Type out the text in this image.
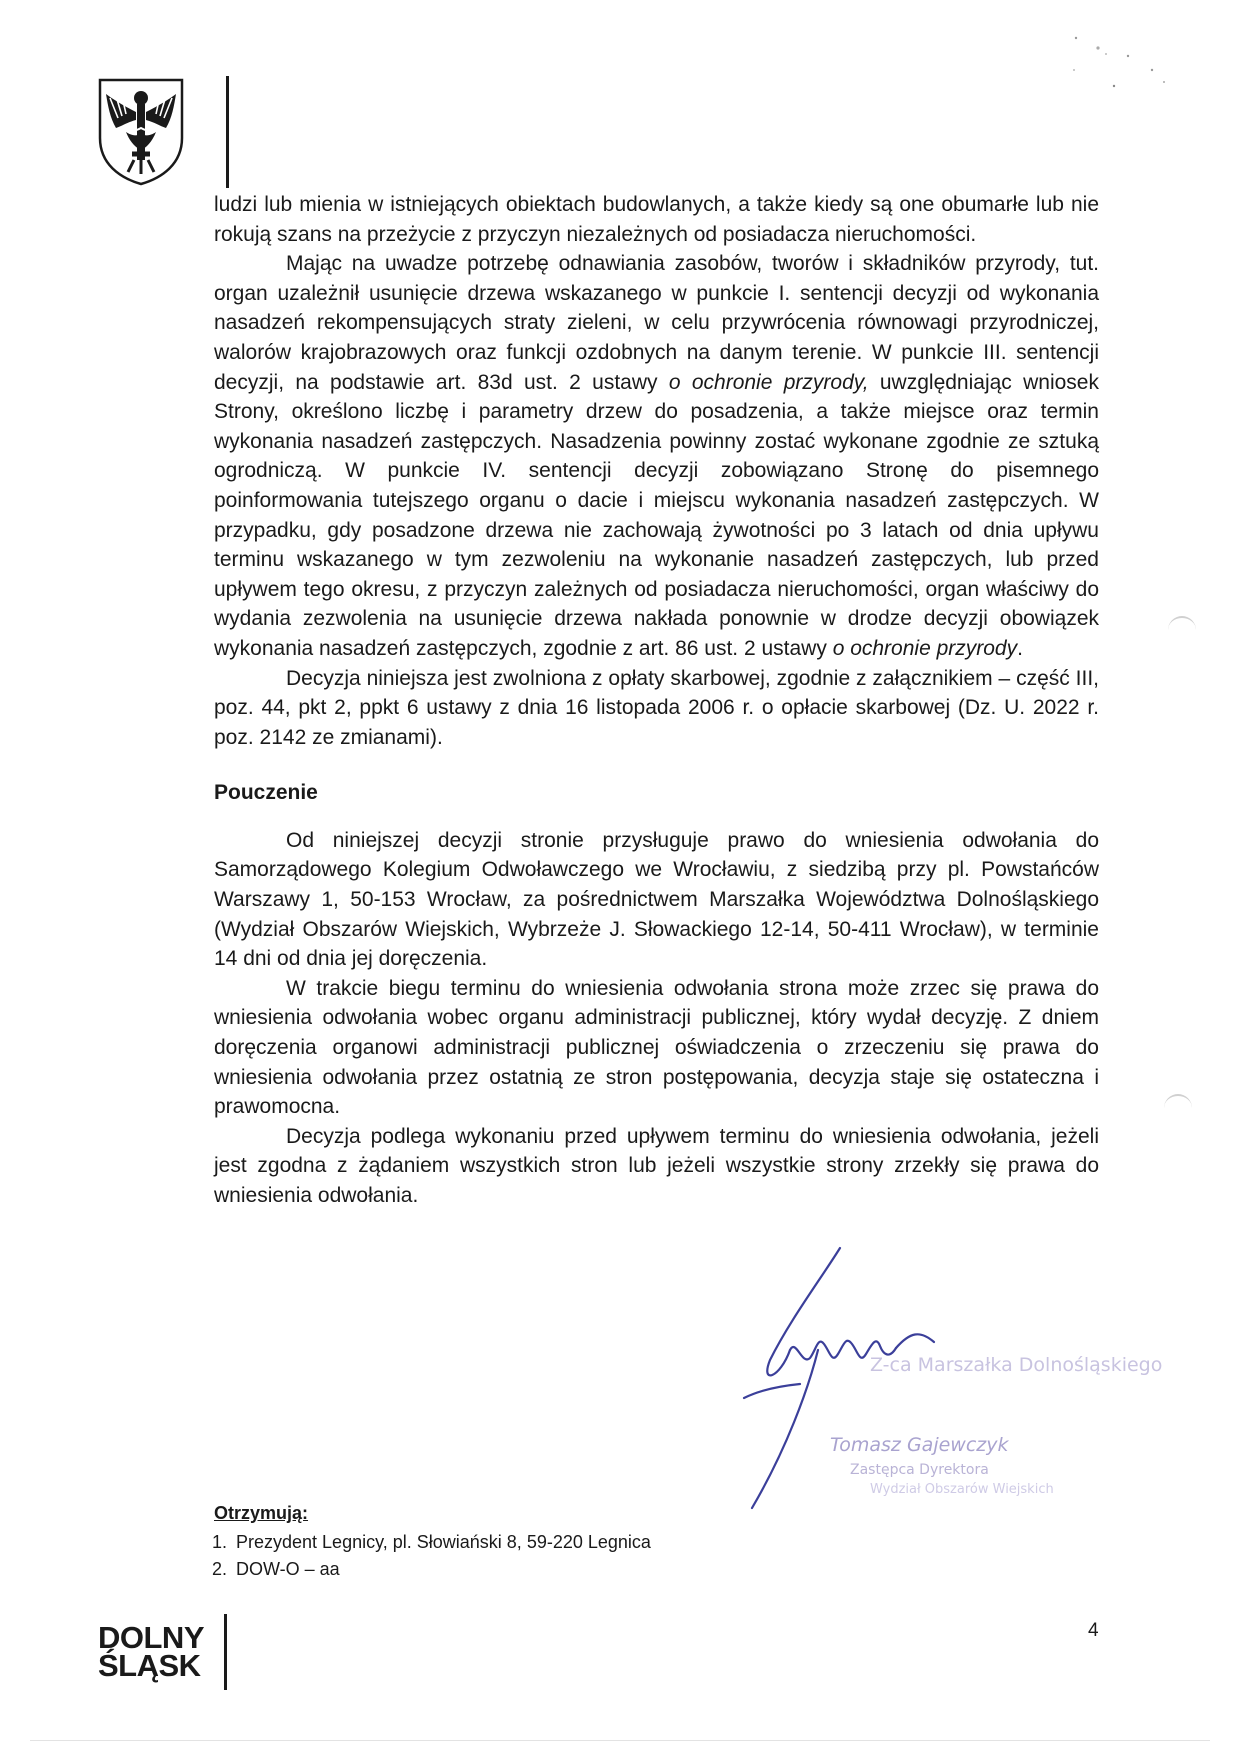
ludzi lub mienia w istniejących obiektach budowlanych, a także kiedy są one obumarłe lub nie rokują szans na przeżycie z przyczyn niezależnych od posiadacza nieruchomości.

Mając na uwadze potrzebę odnawiania zasobów, tworów i składników przyrody, tut. organ uzależnił usunięcie drzewa wskazanego w punkcie I. sentencji decyzji od wykonania nasadzeń rekompensujących straty zieleni, w celu przywrócenia równowagi przyrodniczej, walorów krajobrazowych oraz funkcji ozdobnych na danym terenie. W punkcie III. sentencji decyzji, na podstawie art. 83d ust. 2 ustawy o ochronie przyrody, uwzględniając wniosek Strony, określono liczbę i parametry drzew do posadzenia, a także miejsce oraz termin wykonania nasadzeń zastępczych. Nasadzenia powinny zostać wykonane zgodnie ze sztuką ogrodniczą. W punkcie IV. sentencji decyzji zobowiązano Stronę do pisemnego poinformowania tutejszego organu o dacie i miejscu wykonania nasadzeń zastępczych. W przypadku, gdy posadzone drzewa nie zachowają żywotności po 3 latach od dnia upływu terminu wskazanego w tym zezwoleniu na wykonanie nasadzeń zastępczych, lub przed upływem tego okresu, z przyczyn zależnych od posiadacza nieruchomości, organ właściwy do wydania zezwolenia na usunięcie drzewa nakłada ponownie w drodze decyzji obowiązek wykonania nasadzeń zastępczych, zgodnie z art. 86 ust. 2 ustawy o ochronie przyrody.

Decyzja niniejsza jest zwolniona z opłaty skarbowej, zgodnie z załącznikiem – część III, poz. 44, pkt 2, ppkt 6 ustawy z dnia 16 listopada 2006 r. o opłacie skarbowej (Dz. U. 2022 r. poz. 2142 ze zmianami).

Pouczenie

Od niniejszej decyzji stronie przysługuje prawo do wniesienia odwołania do Samorządowego Kolegium Odwoławczego we Wrocławiu, z siedzibą przy pl. Powstańców Warszawy 1, 50-153 Wrocław, za pośrednictwem Marszałka Województwa Dolnośląskiego (Wydział Obszarów Wiejskich, Wybrzeże J. Słowackiego 12-14, 50-411 Wrocław), w terminie 14 dni od dnia jej doręczenia.

W trakcie biegu terminu do wniesienia odwołania strona może zrzec się prawa do wniesienia odwołania wobec organu administracji publicznej, który wydał decyzję. Z dniem doręczenia organowi administracji publicznej oświadczenia o zrzeczeniu się prawa do wniesienia odwołania przez ostatnią ze stron postępowania, decyzja staje się ostateczna i prawomocna.

Decyzja podlega wykonaniu przed upływem terminu do wniesienia odwołania, jeżeli jest zgodna z żądaniem wszystkich stron lub jeżeli wszystkie strony zrzekły się prawa do wniesienia odwołania.

Z-ca Marszałka Dolnośląskiego
Tomasz Gajewczyk
Zastępca Dyrektora
Wydział Obszarów Wiejskich
Otrzymują:
1. Prezydent Legnicy, pl. Słowiański 8, 59-220 Legnica
2. DOW-O – aa
DOLNY
ŚLĄSK
4
